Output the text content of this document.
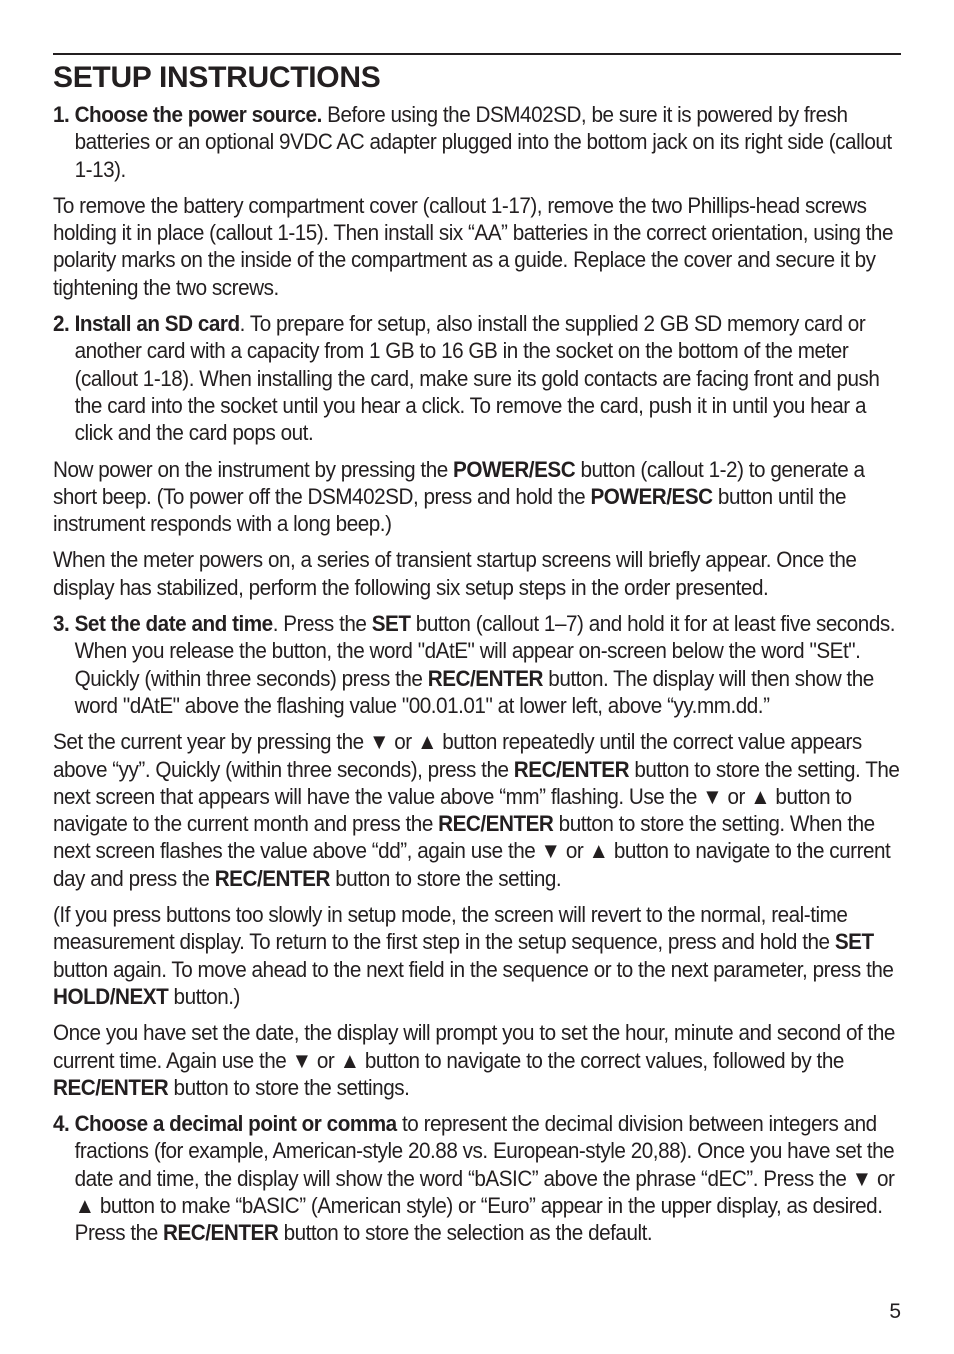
SETUP INSTRUCTIONS

1. Choose the power source. Before using the DSM402SD, be sure it is powered by fresh batteries or an optional 9VDC AC adapter plugged into the bottom jack on its right side (callout 1-13).

To remove the battery compartment cover (callout 1-17), remove the two Phillips-head screws holding it in place (callout 1-15). Then install six “AA” batteries in the correct orientation, using the polarity marks on the inside of the compartment as a guide. Replace the cover and secure it by tightening the two screws.

2. Install an SD card. To prepare for setup, also install the supplied 2 GB SD memory card or another card with a capacity from 1 GB to 16 GB in the socket on the bottom of the meter (callout 1-18). When installing the card, make sure its gold contacts are facing front and push the card into the socket until you hear a click. To remove the card, push it in until you hear a click and the card pops out.

Now power on the instrument by pressing the POWER/ESC button (callout 1-2) to generate a short beep. (To power off the DSM402SD, press and hold the POWER/ESC button until the instrument responds with a long beep.)

When the meter powers on, a series of transient startup screens will briefly appear. Once the display has stabilized, perform the following six setup steps in the order presented.

3. Set the date and time. Press the SET button (callout 1–7) and hold it for at least five seconds. When you release the button, the word "dAtE" will appear on-screen below the word "SEt". Quickly (within three seconds) press the REC/ENTER button. The display will then show the word "dAtE" above the flashing value "00.01.01" at lower left, above “yy.mm.dd.”

Set the current year by pressing the ▼ or ▲ button repeatedly until the correct value appears above “yy”. Quickly (within three seconds), press the REC/ENTER button to store the setting. The next screen that appears will have the value above “mm” flashing. Use the ▼ or ▲ button to navigate to the current month and press the REC/ENTER button to store the setting. When the next screen flashes the value above “dd”, again use the ▼ or ▲ button to navigate to the current day and press the REC/ENTER button to store the setting.

(If you press buttons too slowly in setup mode, the screen will revert to the normal, real-time measurement display. To return to the first step in the setup sequence, press and hold the SET button again. To move ahead to the next field in the sequence or to the next parameter, press the HOLD/NEXT button.)

Once you have set the date, the display will prompt you to set the hour, minute and second of the current time. Again use the ▼ or ▲ button to navigate to the correct values, followed by the REC/ENTER button to store the settings.

4. Choose a decimal point or comma to represent the decimal division between integers and fractions (for example, American-style 20.88 vs. European-style 20,88). Once you have set the date and time, the display will show the word “bASIC” above the phrase “dEC”. Press the ▼ or ▲ button to make “bASIC” (American style) or “Euro” appear in the upper display, as desired. Press the REC/ENTER button to store the selection as the default.

5
